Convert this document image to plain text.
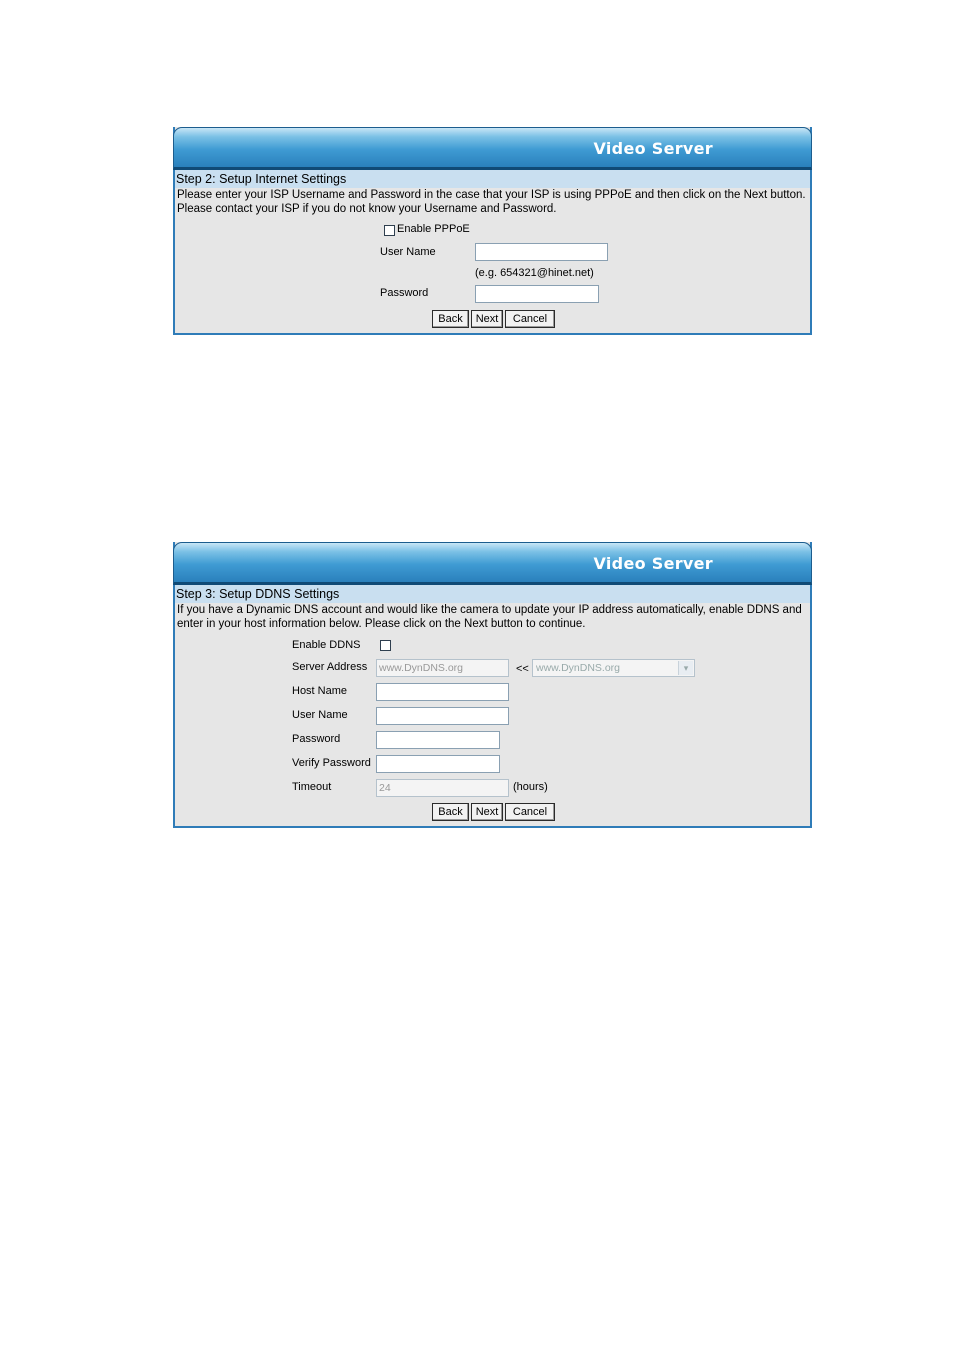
Video Server
Step 2: Setup Internet Settings
Please enter your ISP Username and Password in the case that your ISP is using PPPoE and then click on the Next button. Please contact your ISP if you do not know your Username and Password.
Enable PPPoE
User Name
(e.g. 654321@hinet.net)
Password
Back	Next	Cancel
Video Server
Step 3: Setup DDNS Settings
If you have a Dynamic DNS account and would like the camera to update your IP address automatically, enable DDNS and enter in your host information below. Please click on the Next button to continue.
Enable DDNS
Server Address www.DynDNS.org	<< www.DynDNS.org	▾
Host Name
User Name
Password
Verify Password
Timeout	24	(hours)
Back	Next	Cancel
